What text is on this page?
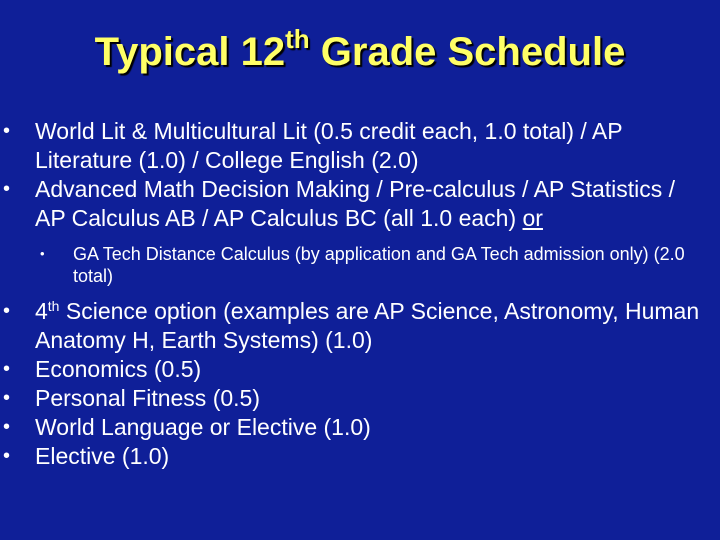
Typical 12th Grade Schedule
• World Lit & Multicultural Lit (0.5 credit each, 1.0 total) / AP Literature (1.0) / College English (2.0)
• Advanced Math Decision Making / Pre-calculus / AP Statistics / AP Calculus AB / AP Calculus BC (all 1.0 each) or
• GA Tech Distance Calculus (by application and GA Tech admission only) (2.0 total)
• 4th Science option (examples are AP Science, Astronomy, Human Anatomy H, Earth Systems) (1.0)
• Economics (0.5)
• Personal Fitness (0.5)
• World Language or Elective (1.0)
• Elective (1.0)
